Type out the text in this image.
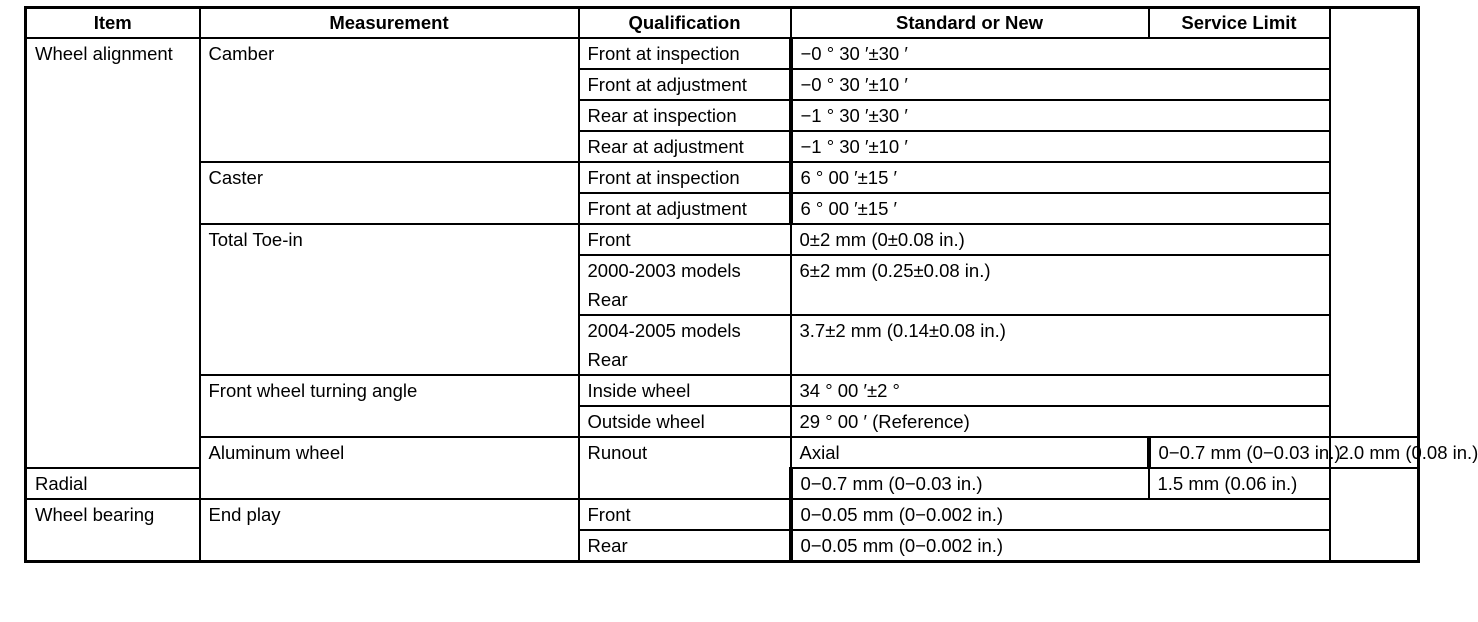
Item	Measurement	Qualification	Standard or New	Service Limit	
Wheel alignment	Camber	Front at inspection	−0 ° 30 ′±30 ′		
		Front at adjustment	−0 ° 30 ′±10 ′		
		Rear at inspection	−1 ° 30 ′±30 ′		
		Rear at adjustment	−1 ° 30 ′±10 ′		
	Caster	Front at inspection	6 ° 00 ′±15 ′		
		Front at adjustment	6 ° 00 ′±15 ′		
	Total Toe-in	Front	0±2 mm (0±0.08 in.)		
		2000-2003 models	6±2 mm (0.25±0.08 in.)		
		Rear			
		2004-2005 models	3.7±2 mm (0.14±0.08 in.)		
		Rear			
	Front wheel turning angle	Inside wheel	34 ° 00 ′±2 °		
		Outside wheel	29 ° 00 ′ (Reference)		
	Aluminum wheel	Runout	Axial	0−0.7 mm (0−0.03 in.)	2.0 mm (0.08 in.)
Radial			0−0.7 mm (0−0.03 in.)	1.5 mm (0.06 in.)	
Wheel bearing	End play	Front	0−0.05 mm (0−0.002 in.)		
		Rear	0−0.05 mm (0−0.002 in.)		
